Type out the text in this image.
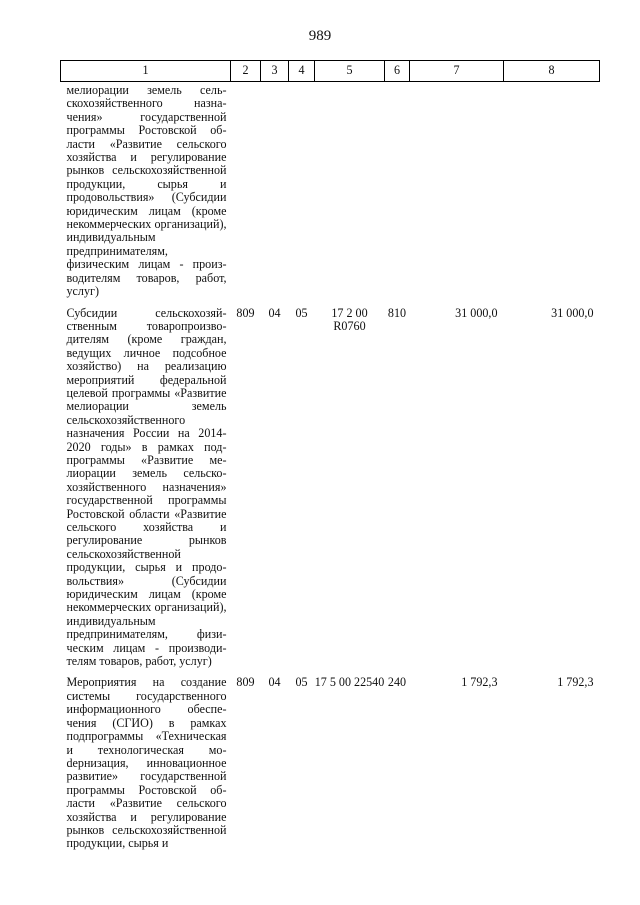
989
1	2	3	4	5	6	7	8
мелиорации земель сельскохозяйственного назначения» государственной программы Ростовской области «Развитие сельского хозяйства и регулирование рынков сельскохозяйственной продукции, сырья и продовольствия» (Субсидии юридическим лицам (кроме некоммерческих организаций), индивидуальным предпринимателям, физическим лицам - производителям товаров, работ, услуг)							
Субсидии сельскохозяйственным товаропроизводителям (кроме граждан, ведущих личное подсобное хозяйство) на реализацию мероприятий федеральной целевой программы «Развитие мелиорации земель сельскохозяйственного назначения России на 2014-2020 годы» в рамках подпрограммы «Развитие мелиорации земель сельскохозяйственного назначения» государственной программы Ростовской области «Развитие сельского хозяйства и регулирование рынков сельскохозяйственной продукции, сырья и продовольствия» (Субсидии юридическим лицам (кроме некоммерческих организаций), индивидуальным предпринимателям, физическим лицам - производителям товаров, работ, услуг)	809	04	05	17 2 00 R0760	810	31 000,0	31 000,0
Мероприятия на создание системы государственного информационного обеспечения (СГИО) в рамках подпрограммы «Техническая и технологическая моdернизация, инновационное развитие» государственной программы Ростовской области «Развитие сельского хозяйства и регулирование рынков сельскохозяйственной продукции, сырья и	809	04	05	17 5 00 22540	240	1 792,3	1 792,3
